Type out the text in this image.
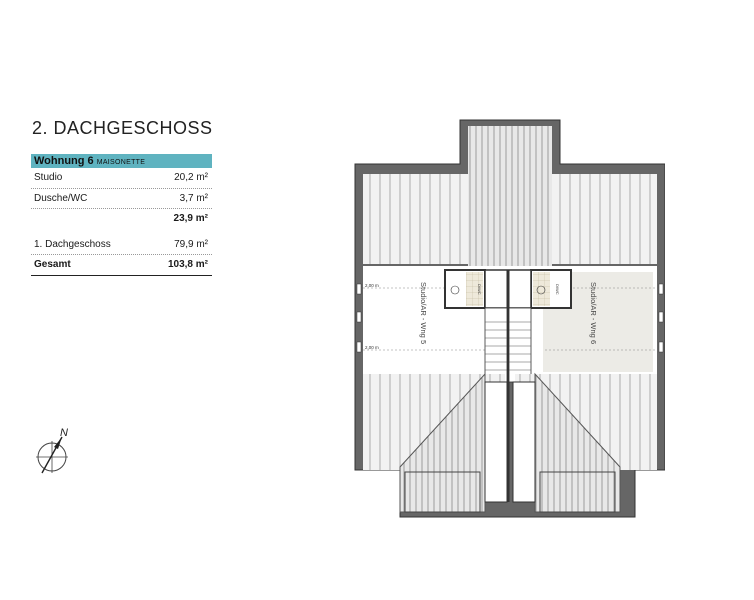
2. DACHGESCHOSS
Wohnung 6 MAISONETTE
Studio	20,2 m²
Dusche/WC	3,7 m²
23,9 m²
1. Dachgeschoss	79,9 m²
Gesamt	103,8 m²
N
2,00 m
2,00 m
D/WC	D/WC
Studio/AR - Wng 5	Studio/AR - Wng 6
